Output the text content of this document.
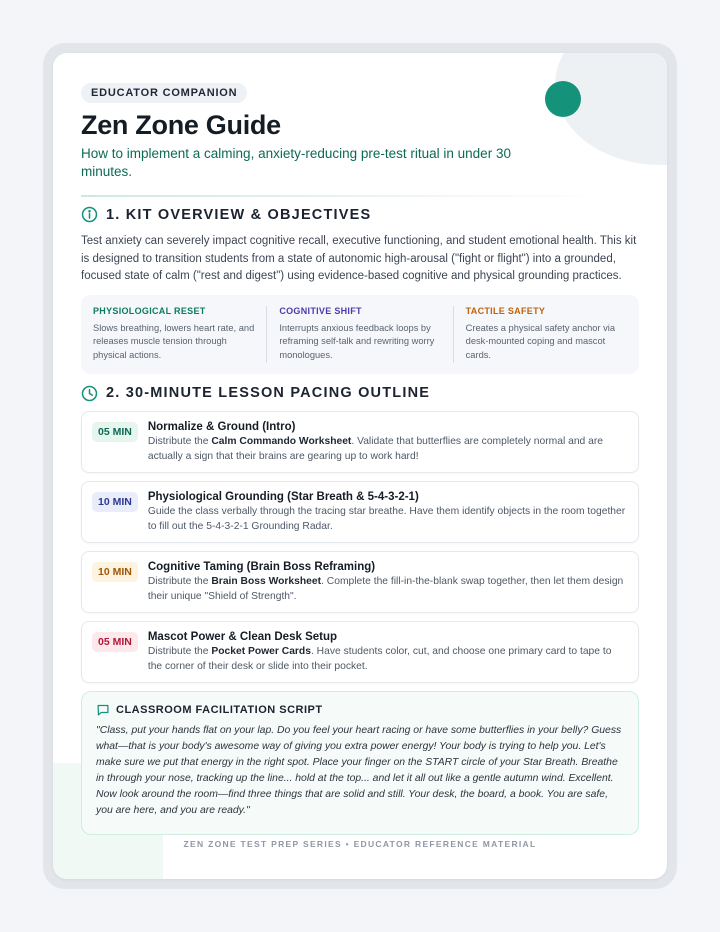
EDUCATOR COMPANION
Zen Zone Guide

How to implement a calming, anxiety-reducing pre-test ritual in under 30 minutes.

1. KIT OVERVIEW & OBJECTIVES

Test anxiety can severely impact cognitive recall, executive functioning, and student emotional health. This kit is designed to transition students from a state of autonomic high-arousal ("fight or flight") into a grounded, focused state of calm ("rest and digest") using evidence-based cognitive and physical grounding practices.

PHYSIOLOGICAL RESET

Slows breathing, lowers heart rate, and releases muscle tension through physical actions.

COGNITIVE SHIFT

Interrupts anxious feedback loops by reframing self-talk and rewriting worry monologues.

TACTILE SAFETY

Creates a physical safety anchor via desk-mounted coping and mascot cards.

2. 30-MINUTE LESSON PACING OUTLINE
05 MIN	Normalize & Ground (Intro)

Distribute the Calm Commando Worksheet. Validate that butterflies are completely normal and are actually a sign that their brains are gearing up to work hard!

10 MIN	Physiological Grounding (Star Breath & 5-4-3-2-1)

Guide the class verbally through the tracing star breathe. Have them identify objects in the room together to fill out the 5-4-3-2-1 Grounding Radar.

10 MIN	Cognitive Taming (Brain Boss Reframing)

Distribute the Brain Boss Worksheet. Complete the fill-in-the-blank swap together, then let them design their unique "Shield of Strength".

05 MIN	Mascot Power & Clean Desk Setup

Distribute the Pocket Power Cards. Have students color, cut, and choose one primary card to tape to the corner of their desk or slide into their pocket.

CLASSROOM FACILITATION SCRIPT

"Class, put your hands flat on your lap. Do you feel your heart racing or have some butterflies in your belly? Guess what—that is your body's awesome way of giving you extra power energy! Your body is trying to help you. Let's make sure we put that energy in the right spot. Place your finger on the START circle of your Star Breath. Breathe in through your nose, tracking up the line... hold at the top... and let it all out like a gentle autumn wind. Excellent. Now look around the room—find three things that are solid and still. Your desk, the board, a book. You are safe, you are here, and you are ready."

ZEN ZONE TEST PREP SERIES • EDUCATOR REFERENCE MATERIAL
